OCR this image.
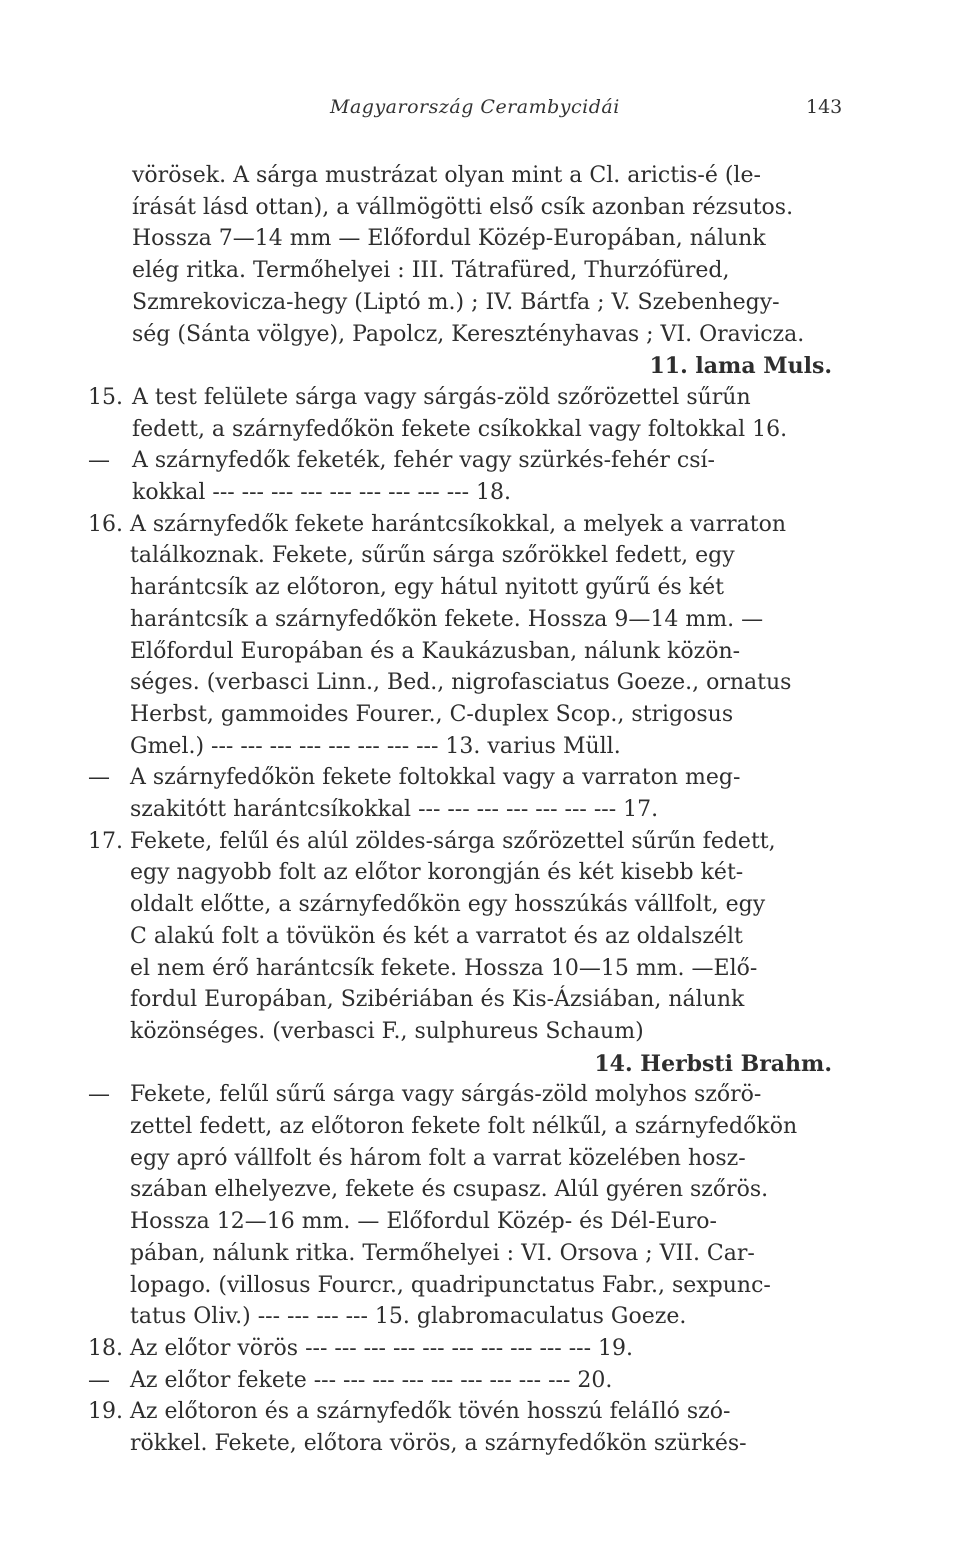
Magyarország Cerambycidái	143
vörösek. A sárga mustrázat olyan mint a Cl. arictis-é (le-
írását lásd ottan), a vállmögötti első csík azonban rézsutos.
Hossza 7—14 mm — Előfordul Közép-Europában, nálunk
elég ritka. Termőhelyei : III. Tátrafüred, Thurzófüred,
Szmrekovicza-hegy (Liptó m.) ; IV. Bártfa ; V. Szebenhegy-
ség (Sánta völgye), Papolcz, Keresztényhavas ; VI. Oravicza.
11. lama Muls.
15. A test felülete sárga vagy sárgás-zöld szőrözettel sűrűn
fedett, a szárnyfedőkön fekete csíkokkal vagy foltokkal 16.
— A szárnyfedők feketék, fehér vagy szürkés-fehér csí-
kokkal --- --- --- --- --- --- --- --- --- 18.
16. A szárnyfedők fekete harántcsíkokkal, a melyek a varraton
találkoznak. Fekete, sűrűn sárga szőrökkel fedett, egy
harántcsík az előtoron, egy hátul nyitott gyűrű és két
harántcsík a szárnyfedőkön fekete. Hossza 9—14 mm. —
Előfordul Europában és a Kaukázusban, nálunk közön-
séges. (verbasci Linn., Bed., nigrofasciatus Goeze., ornatus
Herbst, gammoides Fourer., C-duplex Scop., strigosus
Gmel.) --- --- --- --- --- --- --- --- 13. varius Müll.
— A szárnyfedőkön fekete foltokkal vagy a varraton meg-
szakitótt harántcsíkokkal --- --- --- --- --- --- --- 17.
17. Fekete, felűl és alúl zöldes-sárga szőrözettel sűrűn fedett,
egy nagyobb folt az előtor korongján és két kisebb két-
oldalt előtte, a szárnyfedőkön egy hosszúkás vállfolt, egy
C alakú folt a tövükön és két a varratot és az oldalszélt
el nem érő harántcsík fekete. Hossza 10—15 mm. —Elő-
fordul Europában, Szibériában és Kis-Ázsiában, nálunk
közönséges. (verbasci F., sulphureus Schaum)
14. Herbsti Brahm.
— Fekete, felűl sűrű sárga vagy sárgás-zöld molyhos szőrö-
zettel fedett, az előtoron fekete folt nélkűl, a szárnyfedőkön
egy apró vállfolt és három folt a varrat közelében hosz-
szában elhelyezve, fekete és csupasz. Alúl gyéren szőrös.
Hossza 12—16 mm. — Előfordul Közép- és Dél-Euro-
pában, nálunk ritka. Termőhelyei : VI. Orsova ; VII. Car-
lopago. (villosus Fourcr., quadripunctatus Fabr., sexpunc-
tatus Oliv.) --- --- --- --- 15. glabromaculatus Goeze.
18. Az előtor vörös --- --- --- --- --- --- --- --- --- --- 19.
— Az előtor fekete --- --- --- --- --- --- --- --- --- 20.
19. Az előtoron és a szárnyfedők tövén hosszú feláIló szó-
rökkel. Fekete, előtora vörös, a szárnyfedőkön szürkés-
